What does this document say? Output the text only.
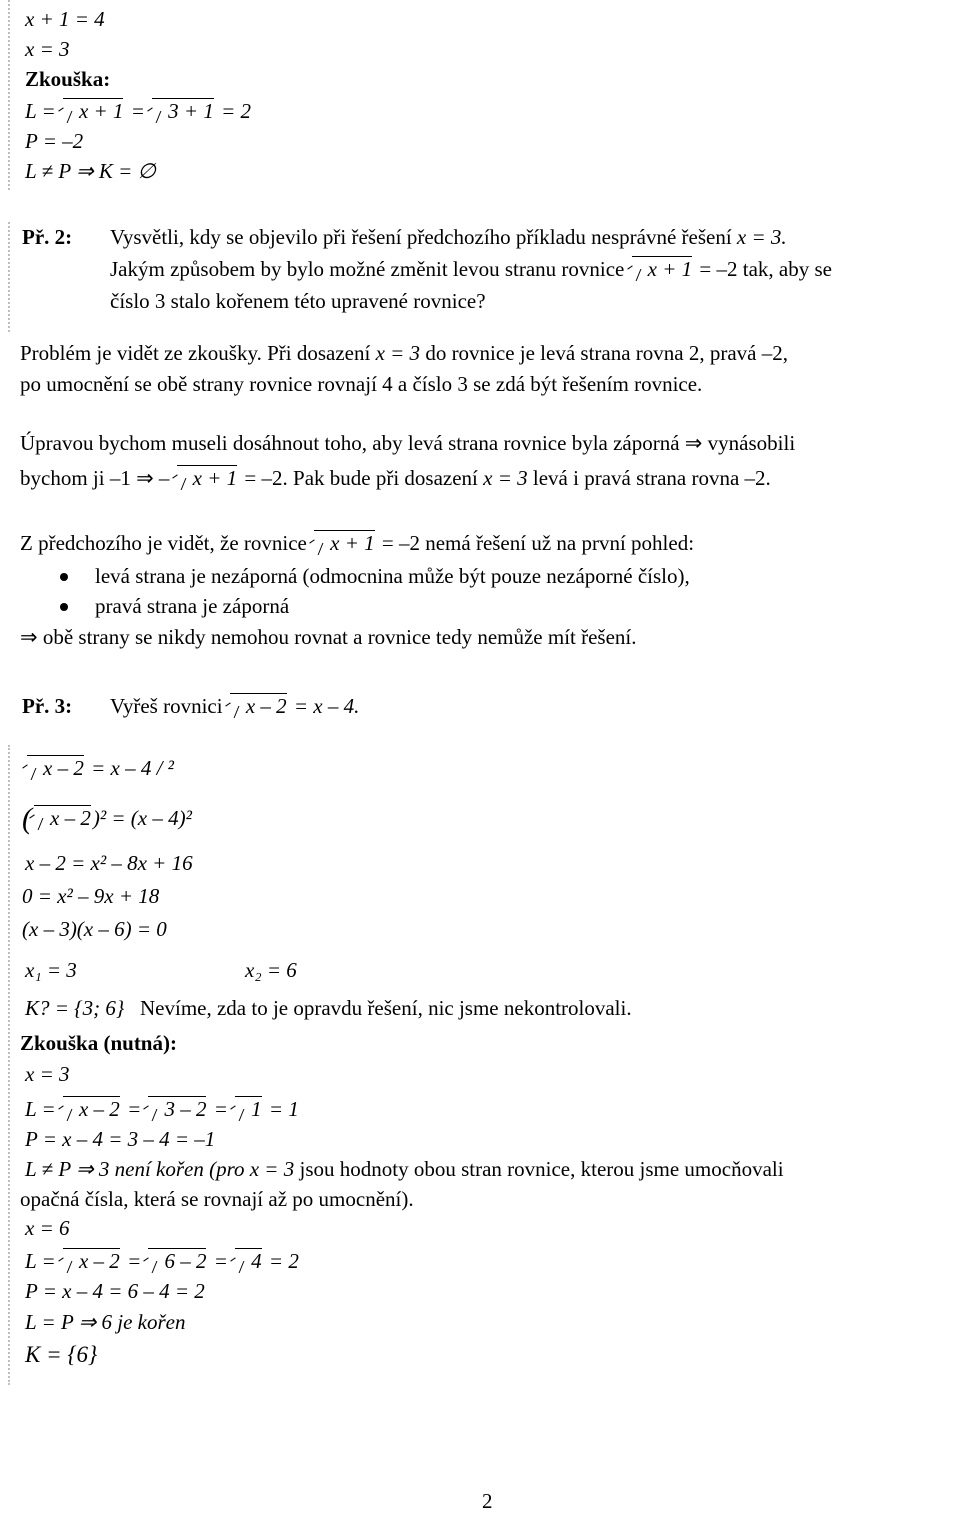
x + 1 = 4
x = 3
Zkouška:
L = x + 1 = 3 + 1 = 2
P = –2
L ≠ P ⇒ K = ∅
Př. 2: Vysvětli, kdy se objevilo při řešení předchozího příkladu nesprávné řešení x = 3.
Jakým způsobem by bylo možné změnit levou stranu rovnice x + 1 = –2 tak, aby se
číslo 3 stalo kořenem této upravené rovnice?
Problém je vidět ze zkoušky. Při dosazení x = 3 do rovnice je levá strana rovna 2, pravá –2,
po umocnění se obě strany rovnice rovnají 4 a číslo 3 se zdá být řešením rovnice.
Úpravou bychom museli dosáhnout toho, aby levá strana rovnice byla záporná ⇒ vynásobili
bychom ji –1 ⇒ – x + 1 = –2. Pak bude při dosazení x = 3 levá i pravá strana rovna –2.
Z předchozího je vidět, že rovnice x + 1 = –2 nemá řešení už na první pohled:
levá strana je nezáporná (odmocnina může být pouze nezáporné číslo),
pravá strana je záporná
⇒ obě strany se nikdy nemohou rovnat a rovnice tedy nemůže mít řešení.
Př. 3: Vyřeš rovnici x – 2 = x – 4.
x – 2 = x – 4 / ²
( x – 2)² = (x – 4)²
x – 2 = x² – 8x + 16
0 = x² – 9x + 18
(x – 3)(x – 6) = 0
x₁ = 3	x₂ = 6
K? = {3; 6} Nevíme, zda to je opravdu řešení, nic jsme nekontrolovali.
Zkouška (nutná):
x = 3
L = x – 2 = 3 – 2 = 1 = 1
P = x – 4 = 3 – 4 = –1
L ≠ P ⇒ 3 není kořen (pro x = 3 jsou hodnoty obou stran rovnice, kterou jsme umocňovali
opačná čísla, která se rovnají až po umocnění).
x = 6
L = x – 2 = 6 – 2 = 4 = 2
P = x – 4 = 6 – 4 = 2
L = P ⇒ 6 je kořen
K = {6}
2
